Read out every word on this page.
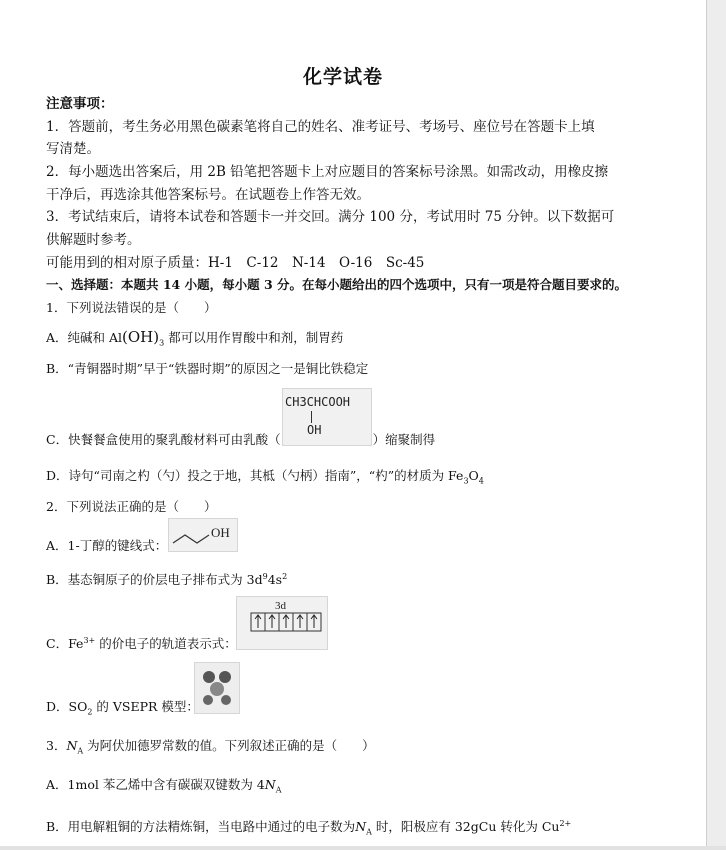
化学试卷
注意事项：
1．答题前，考生务必用黑色碳素笔将自己的姓名、准考证号、考场号、座位号在答题卡上填
写清楚。
2．每小题选出答案后，用 2B 铅笔把答题卡上对应题目的答案标号涂黑。如需改动，用橡皮擦
干净后，再选涂其他答案标号。在试题卷上作答无效。
3．考试结束后，请将本试卷和答题卡一并交回。满分 100 分，考试用时 75 分钟。以下数据可
供解题时参考。
可能用到的相对原子质量：H-1　C-12　N-14　O-16　Sc-45
一、选择题：本题共 14 小题，每小题 3 分。在每小题给出的四个选项中，只有一项是符合题目要求的。
1．下列说法错误的是（　　）
A．纯碱和 $Al(OH)_3$ 都可以用作胃酸中和剂，制胃药
B．“青铜器时期”早于“铁器时期”的原因之一是铜比铁稳定
CH3CHCOOH
OH
C．快餐餐盒使用的聚乳酸材料可由乳酸（	）缩聚制得
D．诗句“司南之杓（勺）投之于地，其柢（勺柄）指南”，“杓”的材质为 $Fe_3O_4$
2．下列说法正确的是（　　）
A．1-丁醇的键线式：
OH
B．基态铜原子的价层电子排布式为 $3d^94s^2$
3d
C．$Fe^{3+}$ 的价电子的轨道表示式：
D．$SO_2$ 的 VSEPR 模型：
3．$N_A$ 为阿伏加德罗常数的值。下列叙述正确的是（　　）
A．1mol 苯乙烯中含有碳碳双键数为 $4N_A$
B．用电解粗铜的方法精炼铜，当电路中通过的电子数为$N_A$ 时，阳极应有 32gCu 转化为 $Cu^{2+}$
